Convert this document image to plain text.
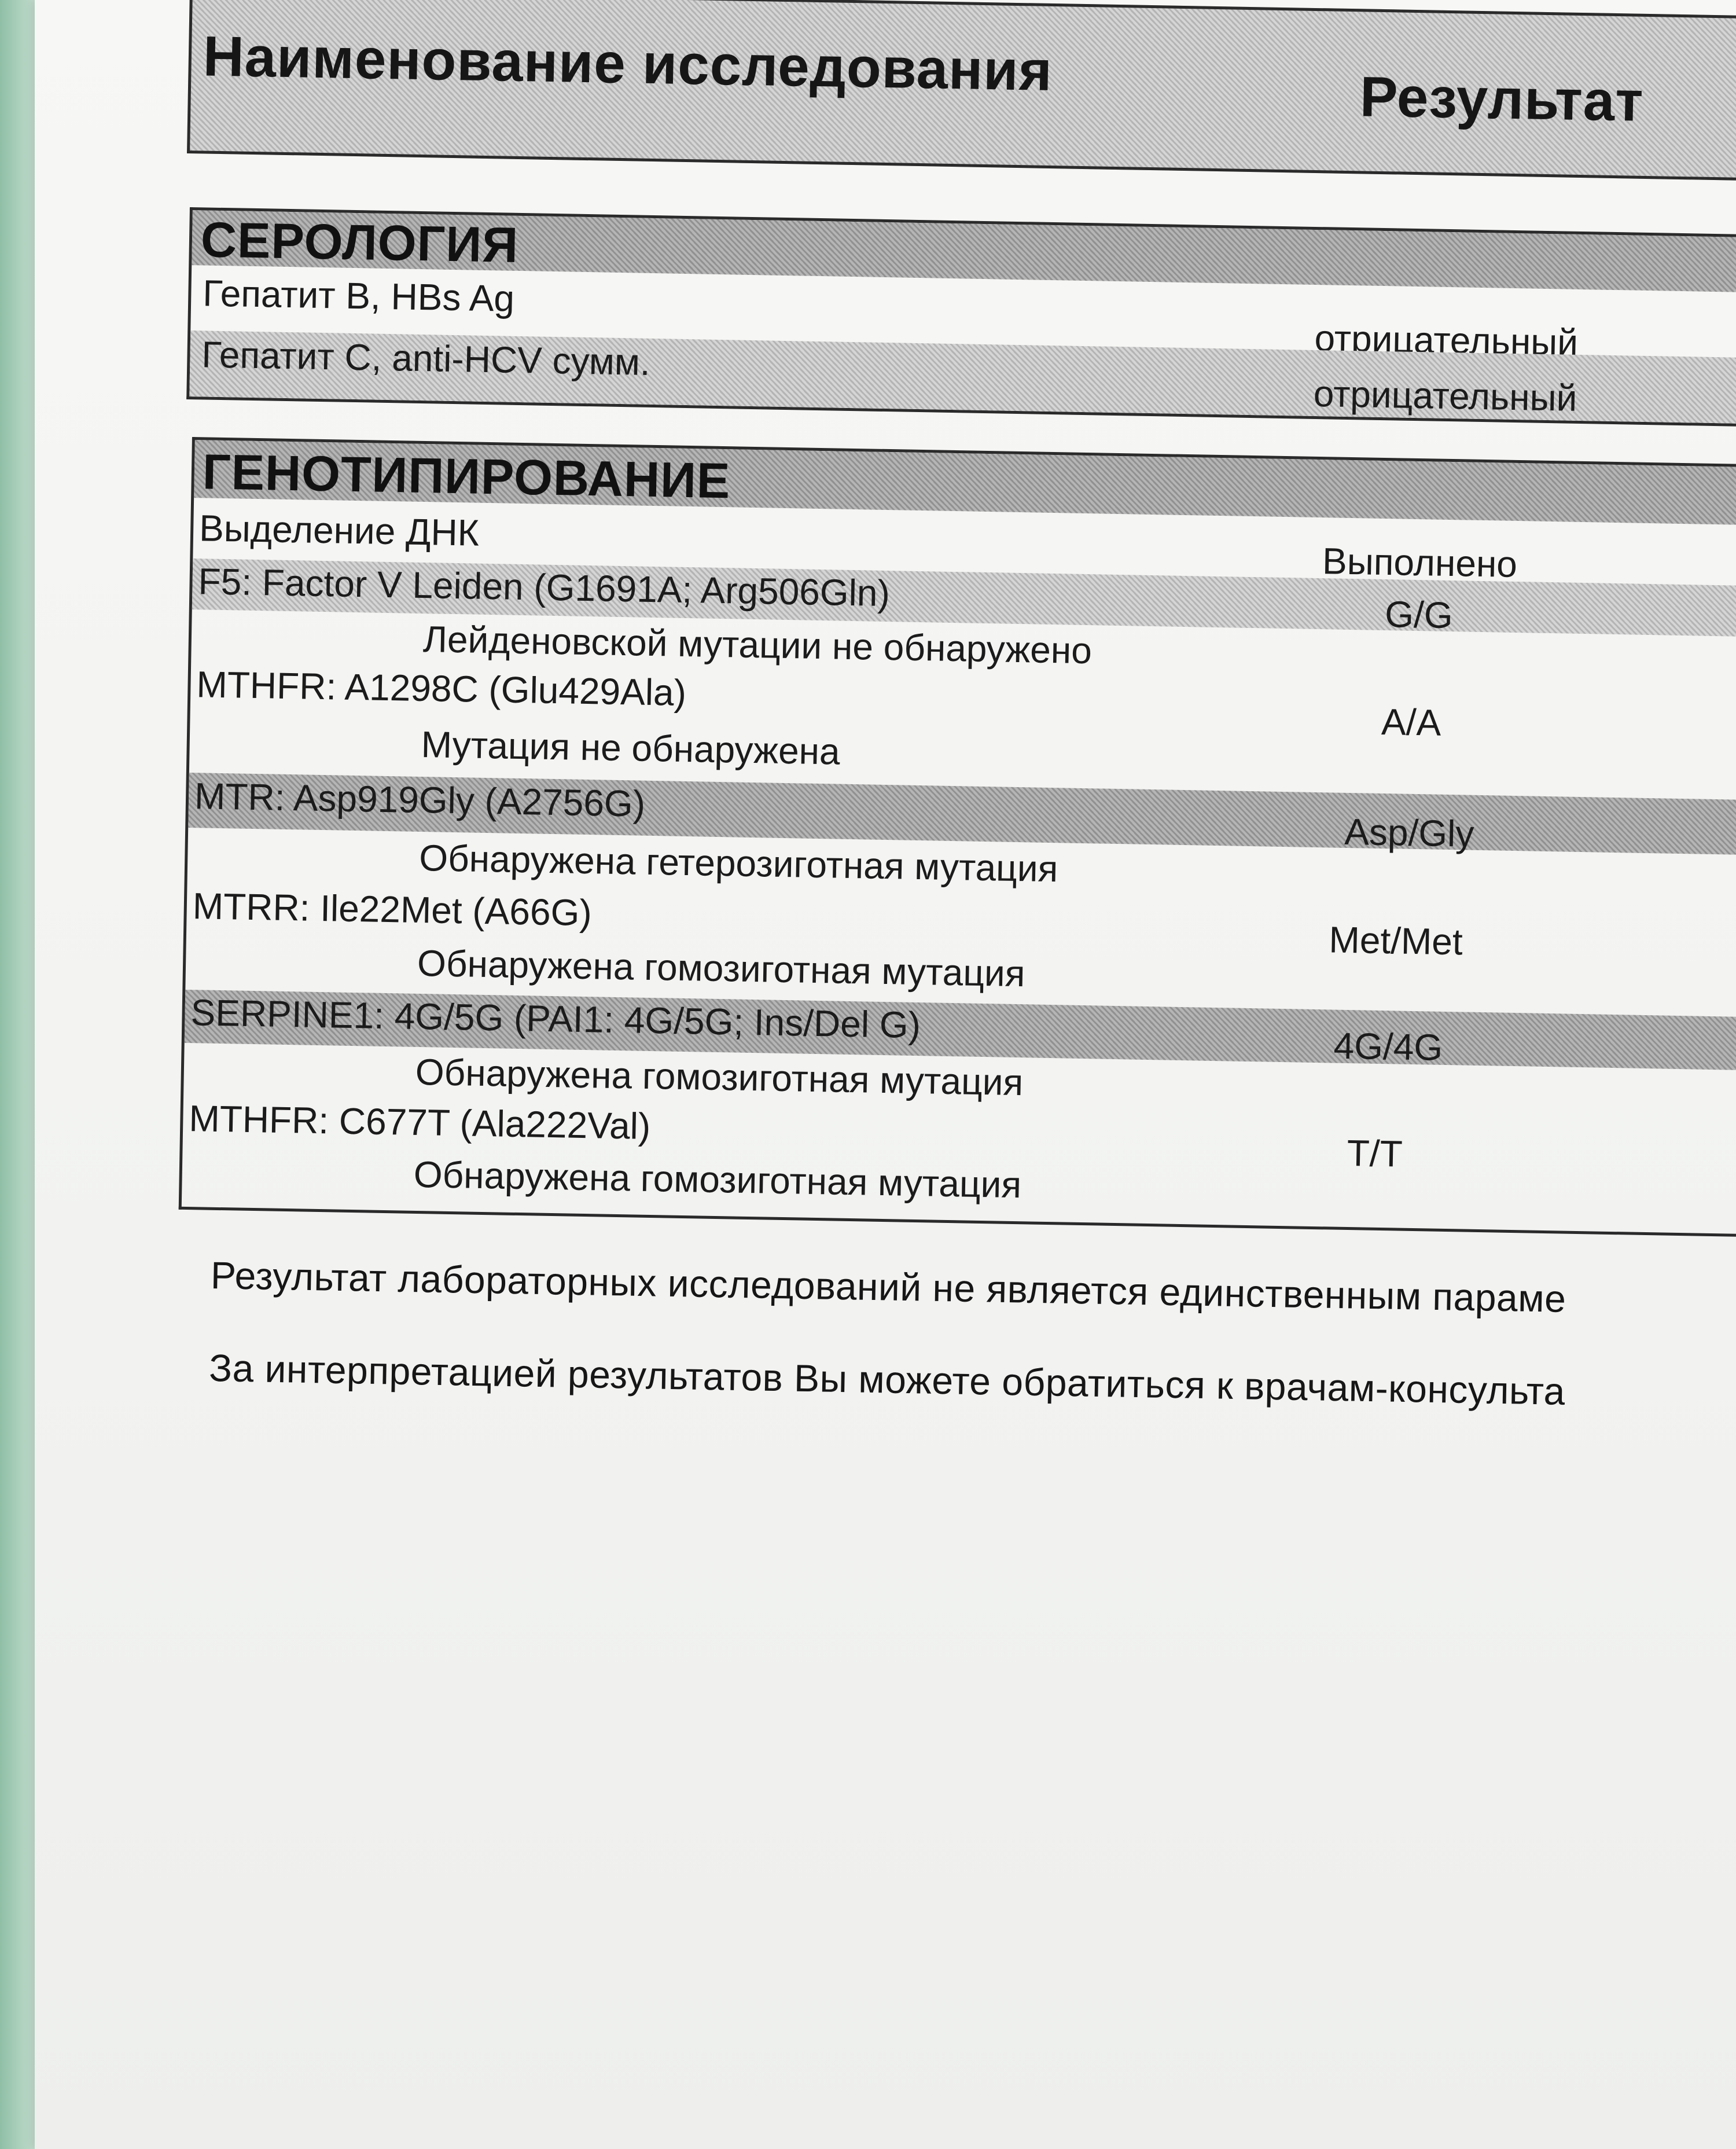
Наименование исследования	Результат
СЕРОЛОГИЯ
Гепатит B, HBs Ag
отрицательный
Гепатит C, anti-HCV сумм.
отрицательный
ГЕНОТИПИРОВАНИЕ
Выделение ДНК
Выполнено
F5: Factor V Leiden (G1691A; Arg506Gln)
G/G
Лейденовской мутации не обнаружено
MTHFR: A1298C (Glu429Ala)
A/A
Мутация не обнаружена
MTR: Asp919Gly (A2756G)
Asp/Gly
Обнаружена гетерозиготная мутация
MTRR: Ile22Met (A66G)
Met/Met
Обнаружена гомозиготная мутация
SERPINE1: 4G/5G (PAI1: 4G/5G; Ins/Del G)
4G/4G
Обнаружена гомозиготная мутация
MTHFR: C677T (Ala222Val)
T/T
Обнаружена гомозиготная мутация
Результат лабораторных исследований не является единственным параме
За интерпретацией результатов Вы можете обратиться к врачам-консульта
